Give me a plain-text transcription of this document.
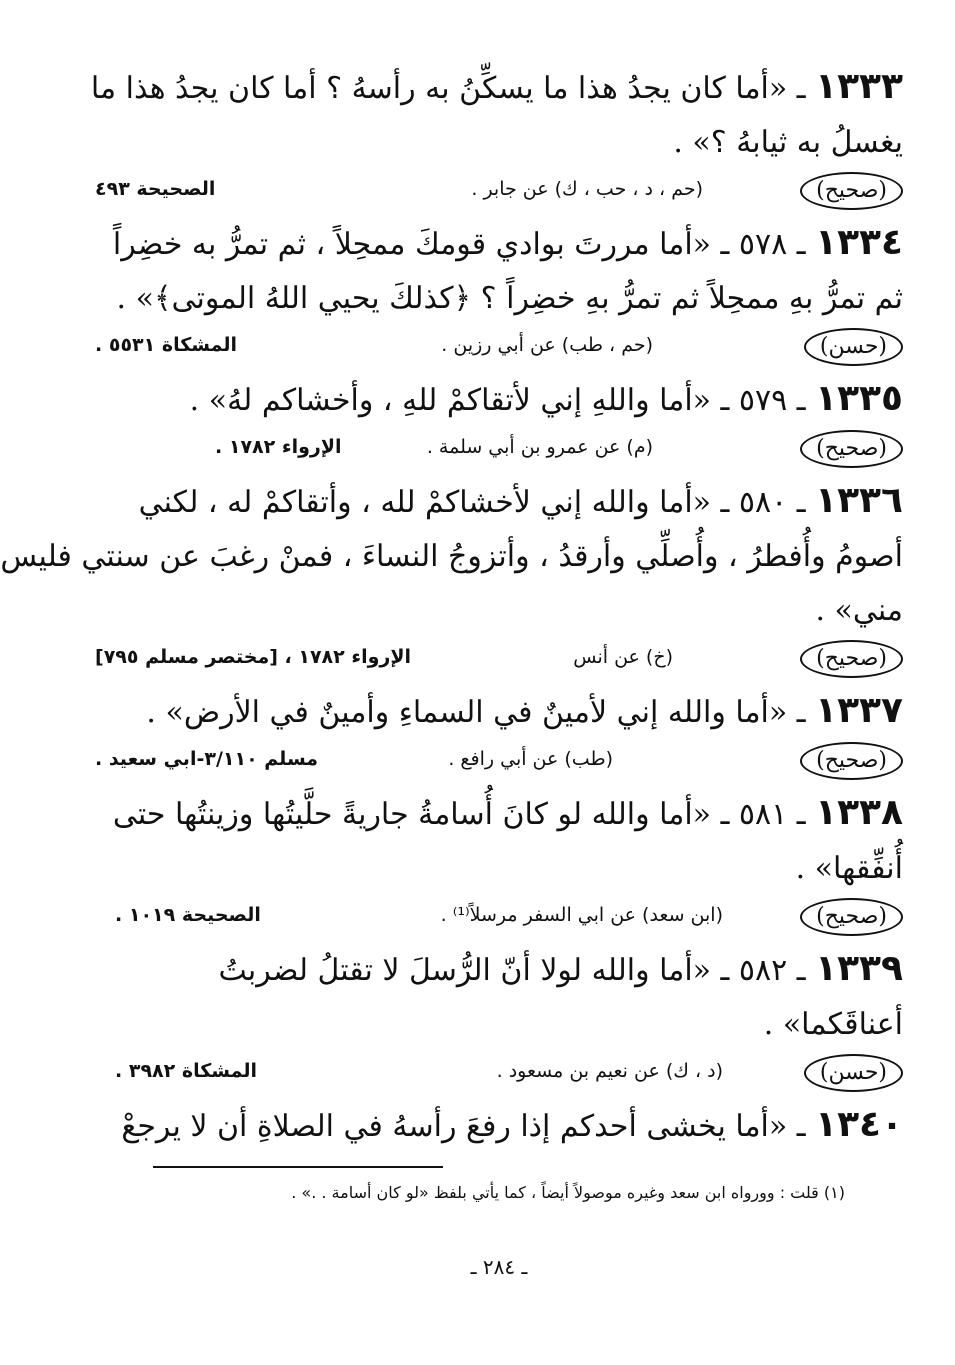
١٣٣٣ ـ «أما كان يجدُ هذا ما يسكِّنُ به رأسهُ ؟ أما كان يجدُ هذا ما
يغسلُ به ثيابهُ ؟» .
(صحيح)
(حم ، د ، حب ، ك) عن جابر .
الصحيحة ٤٩٣
١٣٣٤ ـ ٥٧٨ ـ «أما مررتَ بوادي قومكَ ممحِلاً ، ثم تمرُّ به خضِراً
ثم تمرُّ بهِ ممحِلاً ثم تمرُّ بهِ خضِراً ؟ ﴿كذلكَ يحيي اللهُ الموتى﴾» .
(حسن)
(حم ، طب) عن أبي رزين .
المشكاة ٥٥٣١ .
١٣٣٥ ـ ٥٧٩ ـ «أما واللهِ إني لأتقاكمْ للهِ ، وأخشاكم لهُ» .
(صحيح)
(م) عن عمرو بن أبي سلمة .
الإرواء ١٧٨٢ .
١٣٣٦ ـ ٥٨٠ ـ «أما والله إني لأخشاكمْ لله ، وأتقاكمْ له ، لكني
أصومُ وأُفطرُ ، وأُصلِّي وأرقدُ ، وأتزوجُ النساءَ ، فمنْ رغبَ عن سنتي فليس
مني» .
(صحيح)
(خ) عن أنس
الإرواء ١٧٨٢ ، [مختصر مسلم ٧٩٥]
١٣٣٧ ـ «أما والله إني لأمينٌ في السماءِ وأمينٌ في الأرض» .
(صحيح)
(طب) عن أبي رافع .
مسلم ٣/١١٠-ابي سعيد .
١٣٣٨ ـ ٥٨١ ـ «أما والله لو كانَ أُسامةُ جاريةً حلَّيتُها وزينتُها حتى
أُنفِّقها» .
(صحيح)
(ابن سعد) عن ابي السفر مرسلاً⁽¹⁾ .
الصحيحة ١٠١٩ .
١٣٣٩ ـ ٥٨٢ ـ «أما والله لولا أنّ الرُّسلَ لا تقتلُ لضربتُ
أعناقَكما» .
(حسن)
(د ، ك) عن نعيم بن مسعود .
المشكاة ٣٩٨٢ .
١٣٤٠ ـ «أما يخشى أحدكم إذا رفعَ رأسهُ في الصلاةِ أن لا يرجعْ
(١) قلت : وورواه ابن سعد وغيره موصولاً أيضاً ، كما يأتي بلفظ «لو كان أسامة . .» .
ـ ٢٨٤ ـ
